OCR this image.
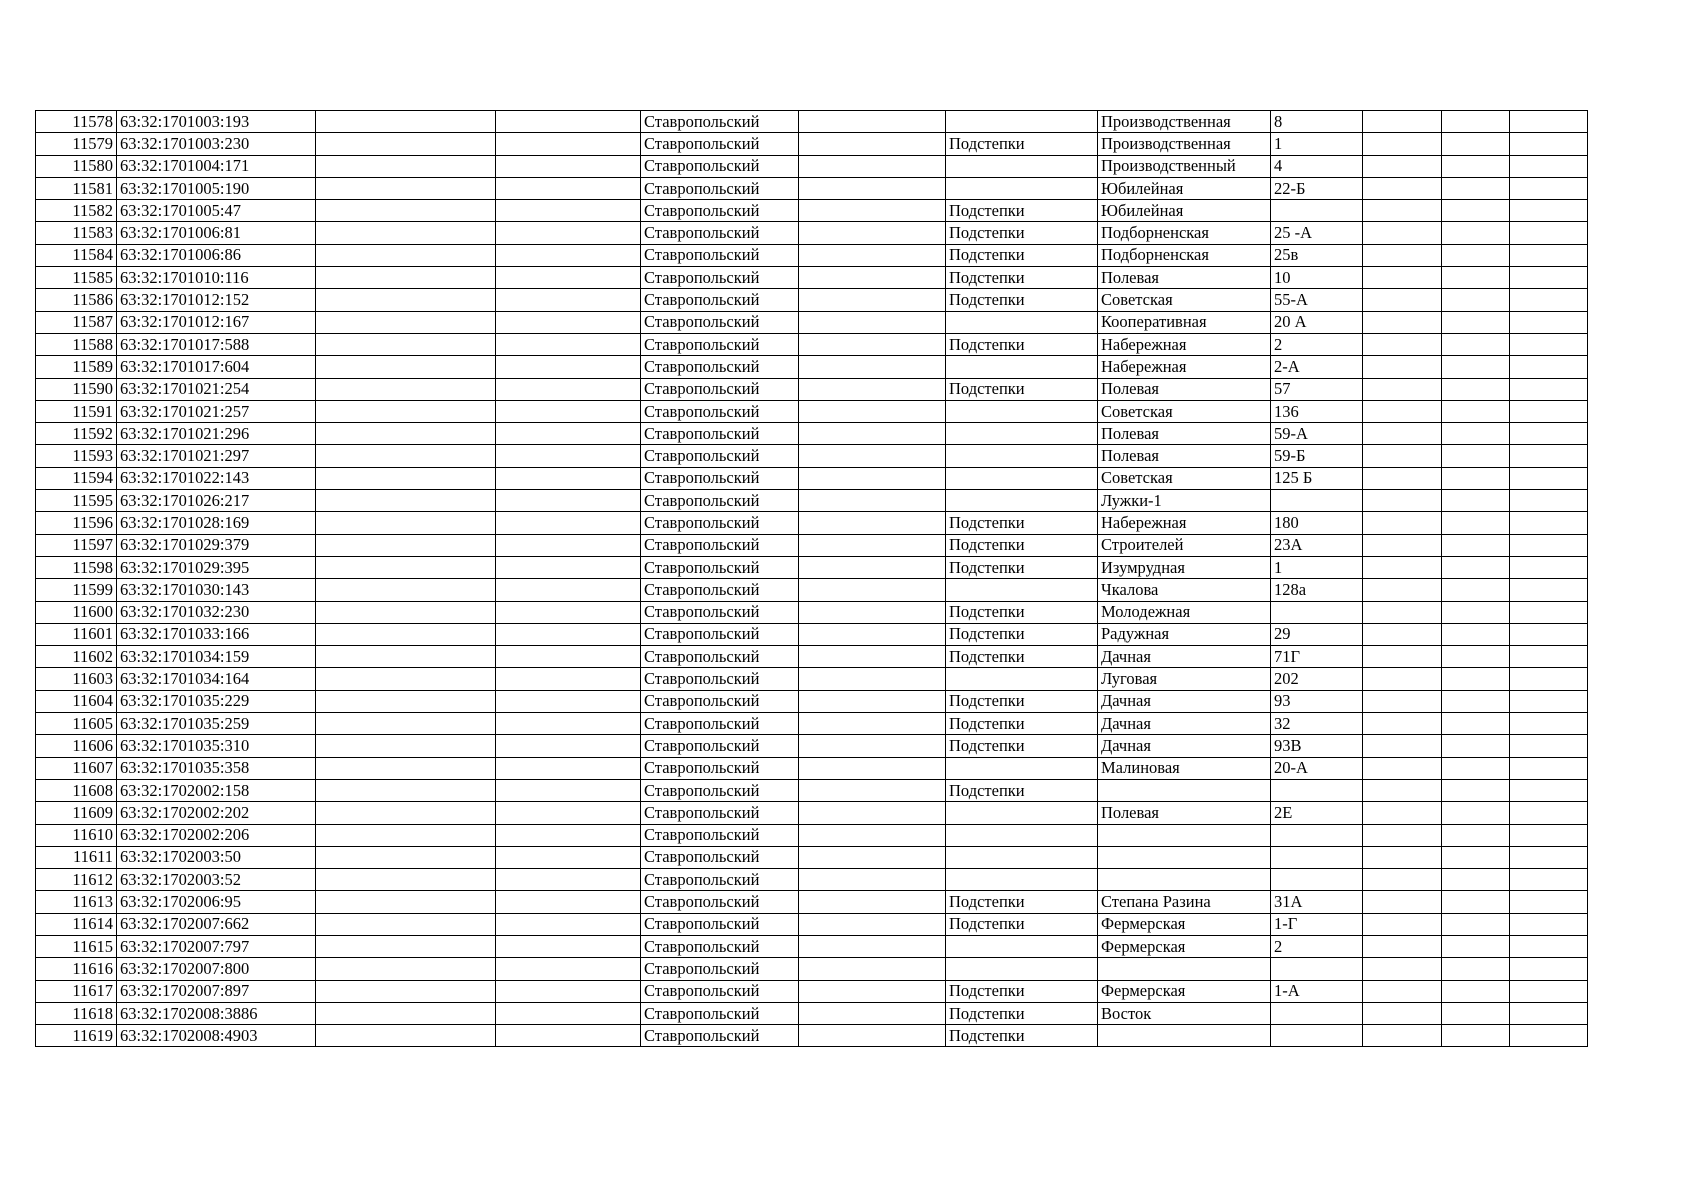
11578	63:32:1701003:193			Ставропольский			Производственная	8			
11579	63:32:1701003:230			Ставропольский		Подстепки	Производственная	1			
11580	63:32:1701004:171			Ставропольский			Производственный	4			
11581	63:32:1701005:190			Ставропольский			Юбилейная	22-Б			
11582	63:32:1701005:47			Ставропольский		Подстепки	Юбилейная				
11583	63:32:1701006:81			Ставропольский		Подстепки	Подборненская	25 -А			
11584	63:32:1701006:86			Ставропольский		Подстепки	Подборненская	25в			
11585	63:32:1701010:116			Ставропольский		Подстепки	Полевая	10			
11586	63:32:1701012:152			Ставропольский		Подстепки	Советская	55-А			
11587	63:32:1701012:167			Ставропольский			Кооперативная	20 А			
11588	63:32:1701017:588			Ставропольский		Подстепки	Набережная	2			
11589	63:32:1701017:604			Ставропольский			Набережная	2-А			
11590	63:32:1701021:254			Ставропольский		Подстепки	Полевая	57			
11591	63:32:1701021:257			Ставропольский			Советская	136			
11592	63:32:1701021:296			Ставропольский			Полевая	59-А			
11593	63:32:1701021:297			Ставропольский			Полевая	59-Б			
11594	63:32:1701022:143			Ставропольский			Советская	125 Б			
11595	63:32:1701026:217			Ставропольский			Лужки-1				
11596	63:32:1701028:169			Ставропольский		Подстепки	Набережная	180			
11597	63:32:1701029:379			Ставропольский		Подстепки	Строителей	23А			
11598	63:32:1701029:395			Ставропольский		Подстепки	Изумрудная	1			
11599	63:32:1701030:143			Ставропольский			Чкалова	128а			
11600	63:32:1701032:230			Ставропольский		Подстепки	Молодежная				
11601	63:32:1701033:166			Ставропольский		Подстепки	Радужная	29			
11602	63:32:1701034:159			Ставропольский		Подстепки	Дачная	71Г			
11603	63:32:1701034:164			Ставропольский			Луговая	202			
11604	63:32:1701035:229			Ставропольский		Подстепки	Дачная	93			
11605	63:32:1701035:259			Ставропольский		Подстепки	Дачная	32			
11606	63:32:1701035:310			Ставропольский		Подстепки	Дачная	93В			
11607	63:32:1701035:358			Ставропольский			Малиновая	20-А			
11608	63:32:1702002:158			Ставропольский		Подстепки					
11609	63:32:1702002:202			Ставропольский			Полевая	2Е			
11610	63:32:1702002:206			Ставропольский							
11611	63:32:1702003:50			Ставропольский							
11612	63:32:1702003:52			Ставропольский							
11613	63:32:1702006:95			Ставропольский		Подстепки	Степана Разина	31А			
11614	63:32:1702007:662			Ставропольский		Подстепки	Фермерская	1-Г			
11615	63:32:1702007:797			Ставропольский			Фермерская	2			
11616	63:32:1702007:800			Ставропольский							
11617	63:32:1702007:897			Ставропольский		Подстепки	Фермерская	1-А			
11618	63:32:1702008:3886			Ставропольский		Подстепки	Восток				
11619	63:32:1702008:4903			Ставропольский		Подстепки					
